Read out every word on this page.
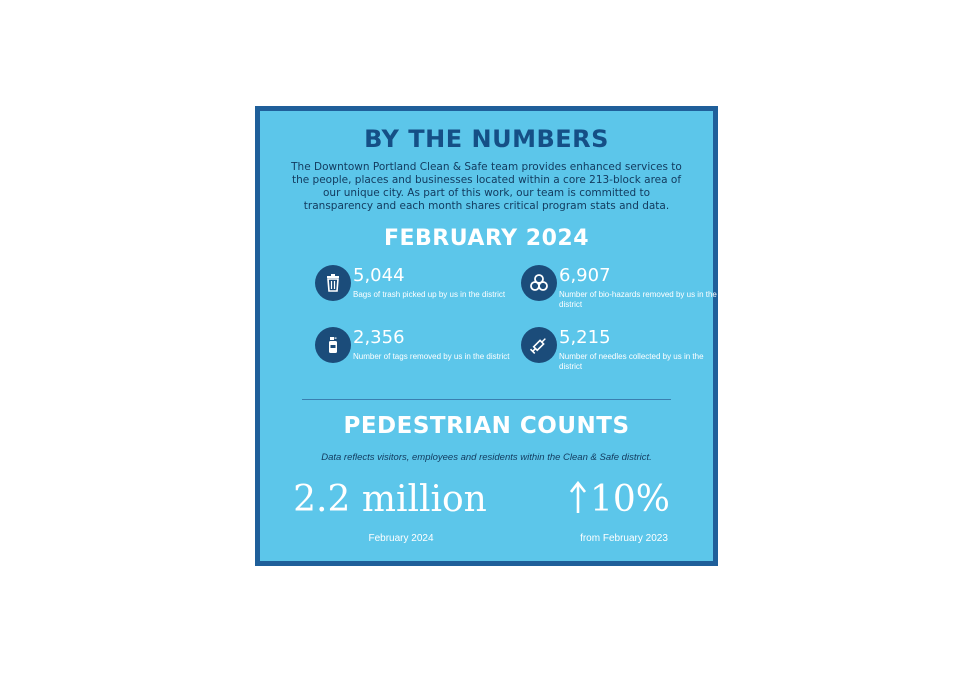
BY THE NUMBERS
The Downtown Portland Clean & Safe team provides enhanced services to the people, places and businesses located within a core 213-block area of our unique city. As part of this work, our team is committed to transparency and each month shares critical program stats and data.
FEBRUARY 2024
5,044
Bags of trash picked up by us in the district
6,907
Number of bio-hazards removed by us in the district
2,356
Number of tags removed by us in the district
5,215
Number of needles collected by us in the district
PEDESTRIAN COUNTS
Data reflects visitors, employees and residents within the Clean & Safe district.
2.2 million
February 2024
10%
from February 2023
